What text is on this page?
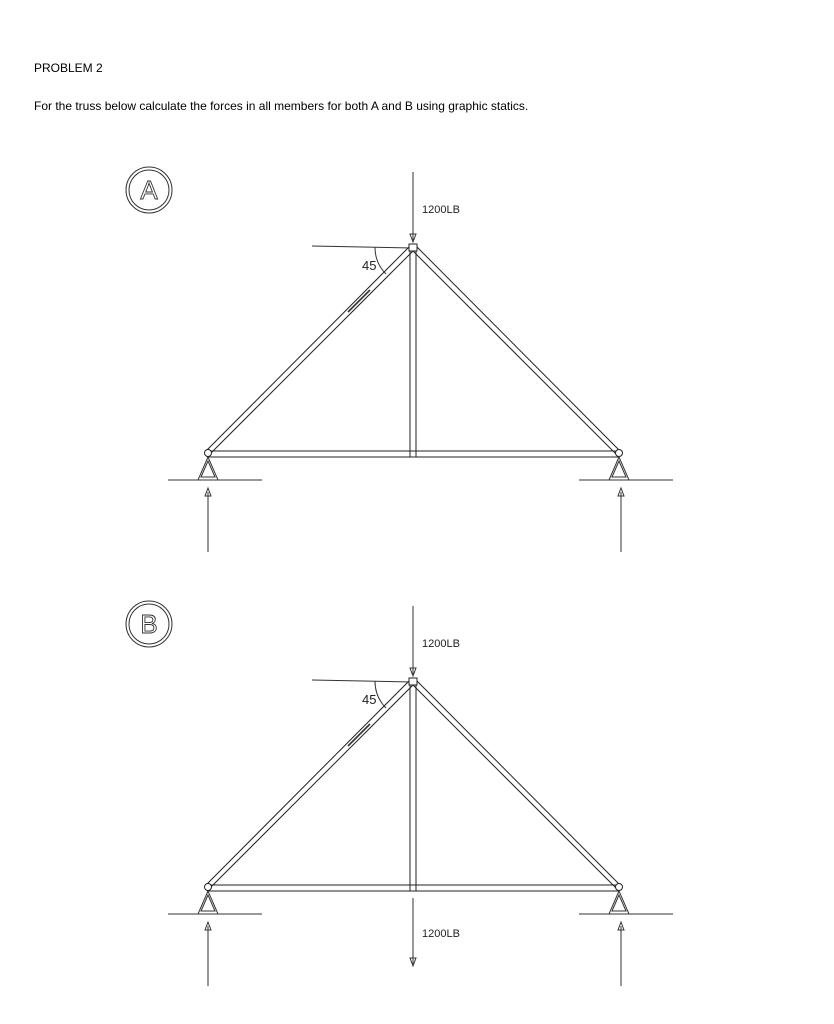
PROBLEM 2

For the truss below calculate the forces in all members for both A and B using graphic statics.

A
1200LB
45
B
1200LB
45
1200LB
